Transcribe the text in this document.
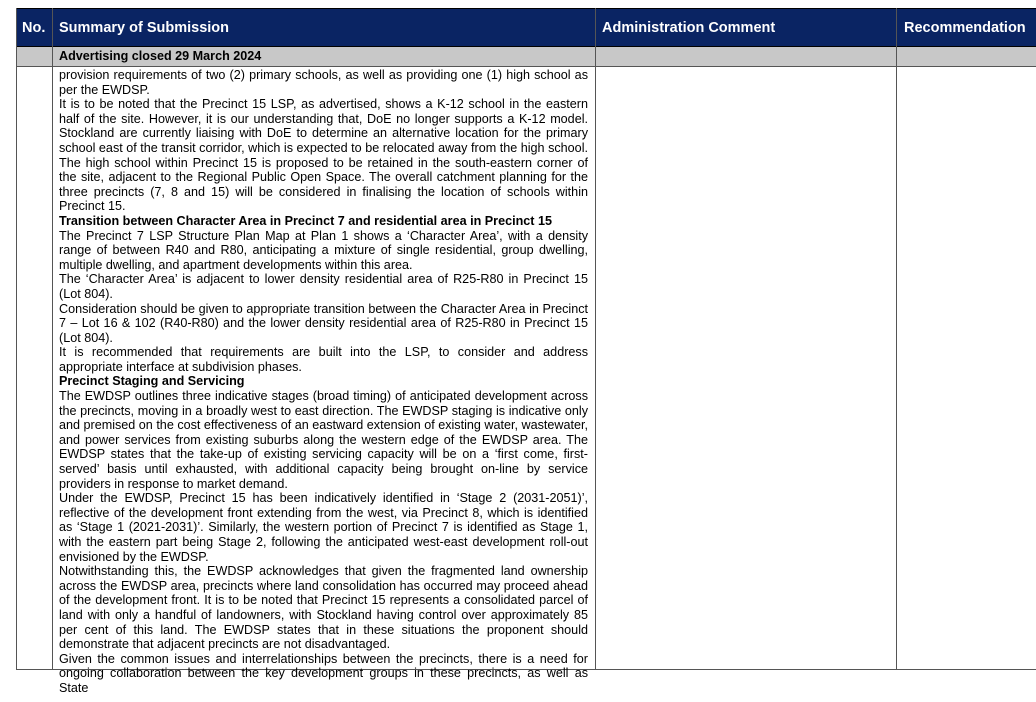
No. Summary of Submission	Administration Comment	Recommendation
Advertising closed 29 March 2024

provision requirements of two (2) primary schools, as well as providing one (1) high school as per the EWDSP.

It is to be noted that the Precinct 15 LSP, as advertised, shows a K-12 school in the eastern half of the site. However, it is our understanding that, DoE no longer supports a K-12 model. Stockland are currently liaising with DoE to determine an alternative location for the primary school east of the transit corridor, which is expected to be relocated away from the high school. The high school within Precinct 15 is proposed to be retained in the south-eastern corner of the site, adjacent to the Regional Public Open Space. The overall catchment planning for the three precincts (7, 8 and 15) will be considered in finalising the location of schools within Precinct 15.

Transition between Character Area in Precinct 7 and residential area in Precinct 15

The Precinct 7 LSP Structure Plan Map at Plan 1 shows a ‘Character Area’, with a density range of between R40 and R80, anticipating a mixture of single residential, group dwelling, multiple dwelling, and apartment developments within this area.

The ‘Character Area’ is adjacent to lower density residential area of R25-R80 in Precinct 15 (Lot 804).

Consideration should be given to appropriate transition between the Character Area in Precinct 7 – Lot 16 & 102 (R40-R80) and the lower density residential area of R25-R80 in Precinct 15 (Lot 804).

It is recommended that requirements are built into the LSP, to consider and address appropriate interface at subdivision phases.

Precinct Staging and Servicing

The EWDSP outlines three indicative stages (broad timing) of anticipated development across the precincts, moving in a broadly west to east direction. The EWDSP staging is indicative only and premised on the cost effectiveness of an eastward extension of existing water, wastewater, and power services from existing suburbs along the western edge of the EWDSP area. The EWDSP states that the take-up of existing servicing capacity will be on a ‘first come, first-served’ basis until exhausted, with additional capacity being brought on-line by service providers in response to market demand.

Under the EWDSP, Precinct 15 has been indicatively identified in ‘Stage 2 (2031-2051)’, reflective of the development front extending from the west, via Precinct 8, which is identified as ‘Stage 1 (2021-2031)’. Similarly, the western portion of Precinct 7 is identified as Stage 1, with the eastern part being Stage 2, following the anticipated west-east development roll-out envisioned by the EWDSP.

Notwithstanding this, the EWDSP acknowledges that given the fragmented land ownership across the EWDSP area, precincts where land consolidation has occurred may proceed ahead of the development front. It is to be noted that Precinct 15 represents a consolidated parcel of land with only a handful of landowners, with Stockland having control over approximately 85 per cent of this land. The EWDSP states that in these situations the proponent should demonstrate that adjacent precincts are not disadvantaged.

Given the common issues and interrelationships between the precincts, there is a need for ongoing collaboration between the key development groups in these precincts, as well as State
